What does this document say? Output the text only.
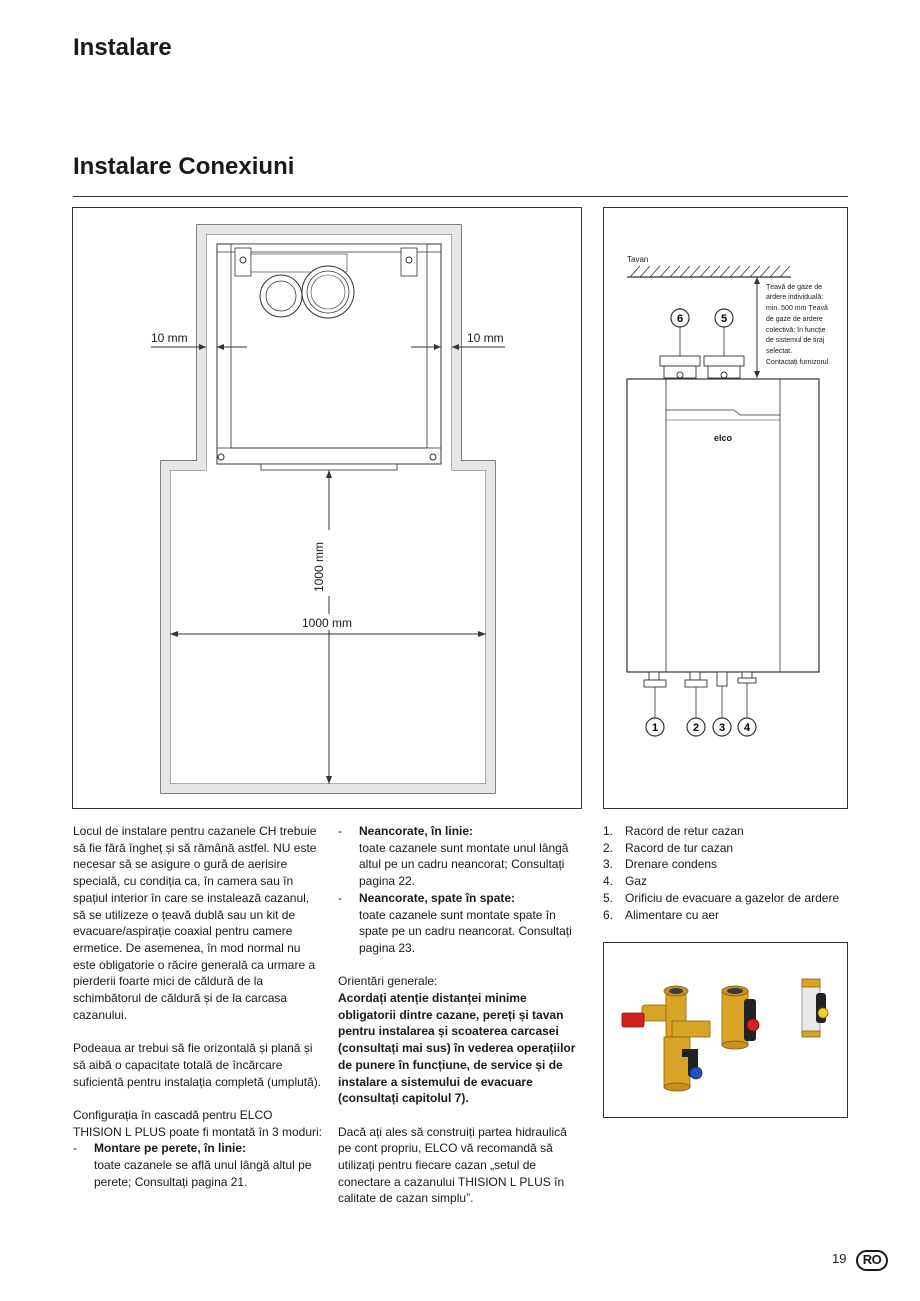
Instalare
Instalare Conexiuni
10 mm	10 mm
1000 mm
1000 mm
Tavan
Țeavă de gaze de
ardere individuală:
min. 500 mm Țeavă
de gaze de ardere
colectivă: în funcție
de sistemul de tiraj
selectat.
Contactați furnizorul
6	5
elco
1	2 3 4

Locul de instalare pentru cazanele CH trebuie să fie fără îngheț și să rămână astfel. NU este necesar să se asigure o gură de aerisire specială, cu condiția ca, în camera sau în spațiul interior în care se instalează cazanul, să se utilizeze o țeavă dublă sau un kit de evacuare/aspirație coaxial pentru camere ermetice. De asemenea, în mod normal nu este obligatorie o răcire generală ca urmare a pierderii foarte mici de căldură de la schimbătorul de căldură și de la carcasa cazanului.

Podeaua ar trebui să fie orizontală și plană și să aibă o capacitate totală de încărcare suficientă pentru instalația completă (umplută).

Configurația în cascadă pentru ELCO THISION L PLUS poate fi montată în 3 moduri:

- Montare pe perete, în linie:

toate cazanele se află unul lângă altul pe perete; Consultați pagina 21.

- Neancorate, în linie:

toate cazanele sunt montate unul lângă altul pe un cadru neancorat; Consultați pagina 22.

- Neancorate, spate în spate:

toate cazanele sunt montate spate în spate pe un cadru neancorat. Consultați pagina 23.

Orientări generale:

Acordați atenție distanței minime obligatorii dintre cazane, pereți și tavan pentru instalarea și scoaterea carcasei (consultați mai sus) în vederea operațiilor de punere în funcțiune, de service și de instalare a sistemului de evacuare (consultați capitolul 7).

Dacă ați ales să construiți partea hidraulică pe cont propriu, ELCO vă recomandă să utilizați pentru fiecare cazan „setul de conectare a cazanului THISION L PLUS în calitate de cazan simplu”.

1. Racord de retur cazan
2. Racord de tur cazan
3. Drenare condens
4. Gaz
5. Orificiu de evacuare a gazelor de ardere
6. Alimentare cu aer
19	RO
